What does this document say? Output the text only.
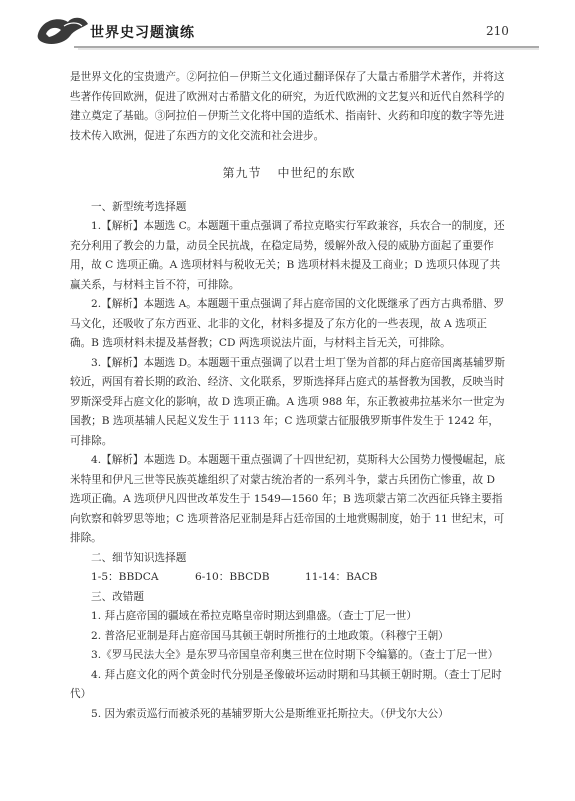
世界史习题演练	210

是世界文化的宝贵遗产。②阿拉伯－伊斯兰文化通过翻译保存了大量古希腊学术著作，并将这些著作传回欧洲，促进了欧洲对古希腊文化的研究，为近代欧洲的文艺复兴和近代自然科学的建立奠定了基础。③阿拉伯－伊斯兰文化将中国的造纸术、指南针、火药和印度的数字等先进技术传入欧洲，促进了东西方的文化交流和社会进步。

第九节 中世纪的东欧

一、新型统考选择题

1.【解析】本题选 C。本题题干重点强调了希拉克略实行军政兼容，兵农合一的制度，还充分利用了教会的力量，动员全民抗战，在稳定局势，缓解外敌入侵的威胁方面起了重要作用，故 C 选项正确。A 选项材料与税收无关；B 选项材料未提及工商业；D 选项只体现了共赢关系，与材料主旨不符，可排除。

2.【解析】本题选 A。本题题干重点强调了拜占庭帝国的文化既继承了西方古典希腊、罗马文化，还吸收了东方西亚、北非的文化，材料多提及了东方化的一些表现，故 A 选项正确。B 选项材料未提及基督教；CD 两选项说法片面，与材料主旨无关，可排除。

3.【解析】本题选 D。本题题干重点强调了以君士坦丁堡为首都的拜占庭帝国离基辅罗斯较近，两国有着长期的政治、经济、文化联系，罗斯选择拜占庭式的基督教为国教，反映当时罗斯深受拜占庭文化的影响，故 D 选项正确。A 选项 988 年，东正教被弗拉基米尔一世定为国教；B 选项基辅人民起义发生于 1113 年；C 选项蒙古征服俄罗斯事件发生于 1242 年，可排除。

4.【解析】本题选 D。本题题干重点强调了十四世纪初，莫斯科大公国势力慢慢崛起，底米特里和伊凡三世等民族英雄组织了对蒙古统治者的一系列斗争，蒙古兵团伤亡惨重，故 D 选项正确。A 选项伊凡四世改革发生于 1549—1560 年；B 选项蒙古第二次西征兵锋主要指向钦察和斡罗思等地；C 选项普洛尼亚制是拜占廷帝国的土地赏赐制度，始于 11 世纪末，可排除。

二、细节知识选择题

1-5：BBDCA	6-10：BBCDB	11-14：BACB

三、改错题

1. 拜占庭帝国的疆域在希拉克略皇帝时期达到鼎盛。（查士丁尼一世）

2. 普洛尼亚制是拜占庭帝国马其顿王朝时所推行的土地政策。（科穆宁王朝）

3.《罗马民法大全》是东罗马帝国皇帝利奥三世在位时期下令编纂的。（查士丁尼一世）

4. 拜占庭文化的两个黄金时代分别是圣像破坏运动时期和马其顿王朝时期。（查士丁尼时代）

5. 因为索贡巡行而被杀死的基辅罗斯大公是斯维亚托斯拉夫。（伊戈尔大公）
